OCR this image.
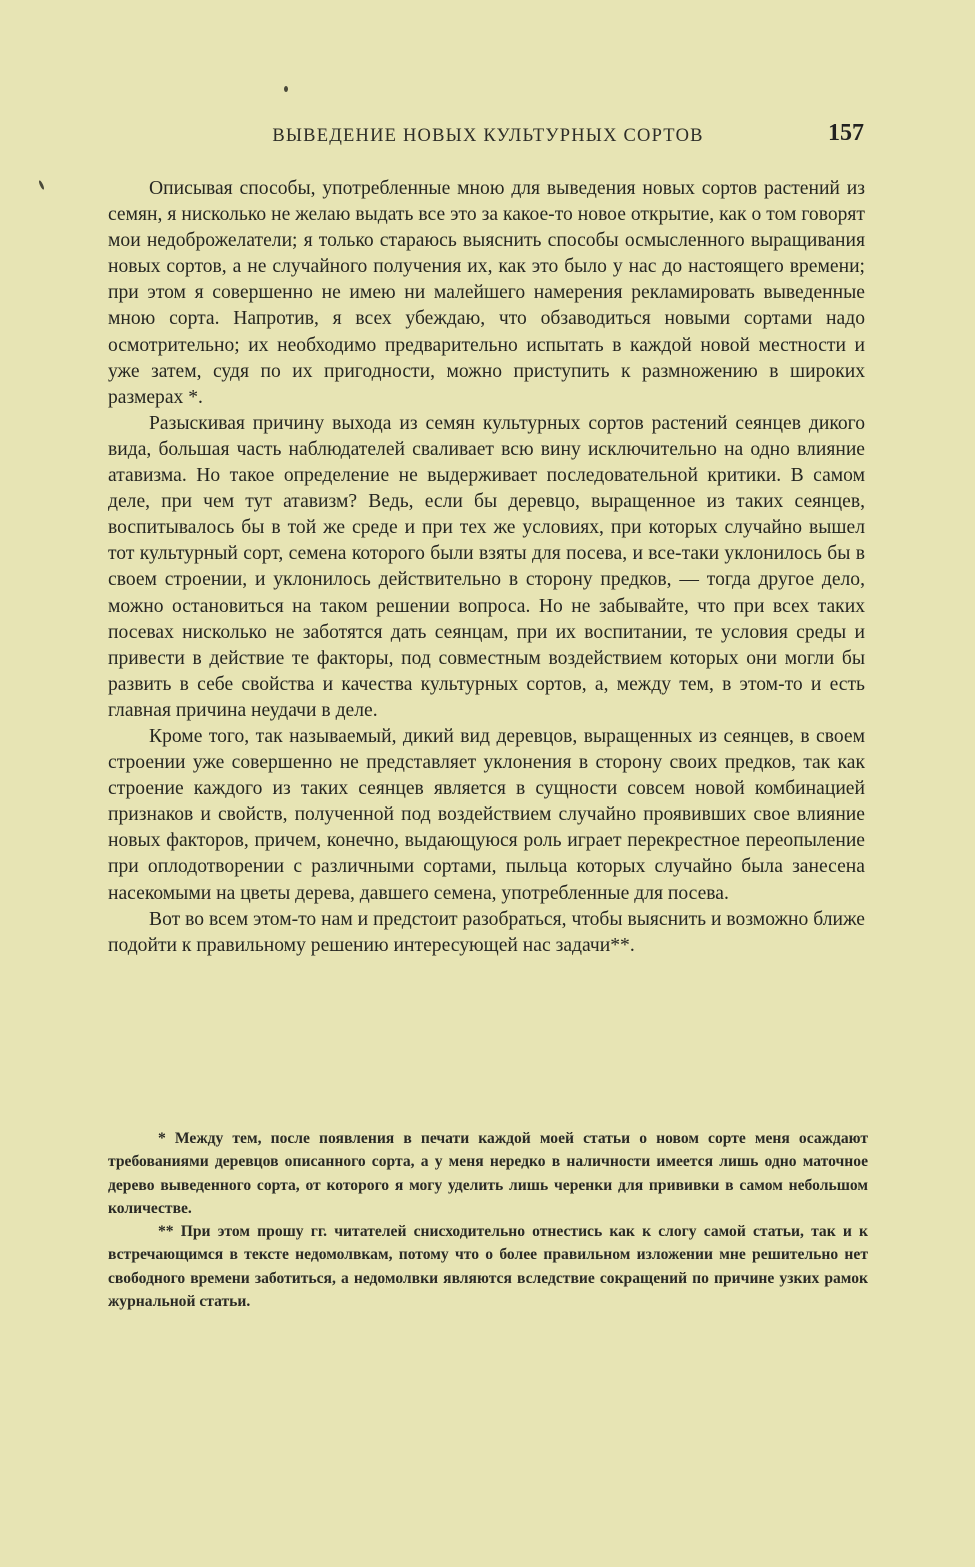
ВЫВЕДЕНИЕ НОВЫХ КУЛЬТУРНЫХ СОРТОВ	157

Описывая способы, употребленные мною для выведения новых сортов растений из семян, я нисколько не желаю выдать все это за какое-то новое открытие, как о том говорят мои недоброжелатели; я только стараюсь выяснить способы осмысленного выращивания новых сортов, а не случайного получения их, как это было у нас до настоящего времени; при этом я совершенно не имею ни малейшего намерения рекламировать выведенные мною сорта. Напротив, я всех убеждаю, что обзаводиться новыми сортами надо осмотрительно; их необходимо предварительно испытать в каждой новой местности и уже затем, судя по их пригодности, можно приступить к размножению в широких размерах *.

Разыскивая причину выхода из семян культурных сортов растений сеянцев дикого вида, большая часть наблюдателей сваливает всю вину исключительно на одно влияние атавизма. Но такое определение не выдерживает последовательной критики. В самом деле, при чем тут атавизм? Ведь, если бы деревцо, выращенное из таких сеянцев, воспитывалось бы в той же среде и при тех же условиях, при которых случайно вышел тот культурный сорт, семена которого были взяты для посева, и все-таки уклонилось бы в своем строении, и уклонилось действительно в сторону предков, — тогда другое дело, можно остановиться на таком решении вопроса. Но не забывайте, что при всех таких посевах нисколько не заботятся дать сеянцам, при их воспитании, те условия среды и привести в действие те факторы, под совместным воздействием которых они могли бы развить в себе свойства и качества культурных сортов, а, между тем, в этом-то и есть главная причина неудачи в деле.

Кроме того, так называемый, дикий вид деревцов, выращенных из сеянцев, в своем строении уже совершенно не представляет уклонения в сторону своих предков, так как строение каждого из таких сеянцев является в сущности совсем новой комбинацией признаков и свойств, полученной под воздействием случайно проявивших свое влияние новых факторов, причем, конечно, выдающуюся роль играет перекрестное переопыление при оплодотворении с различными сортами, пыльца которых случайно была занесена насекомыми на цветы дерева, давшего семена, употребленные для посева.

Вот во всем этом-то нам и предстоит разобраться, чтобы выяснить и возможно ближе подойти к правильному решению интересующей нас задачи**.

* Между тем, после появления в печати каждой моей статьи о новом сорте меня осаждают требованиями деревцов описанного сорта, а у меня нередко в наличности имеется лишь одно маточное дерево выведенного сорта, от которого я могу уделить лишь черенки для прививки в самом небольшом количестве.

** При этом прошу гг. читателей снисходительно отнестись как к слогу самой статьи, так и к встречающимся в тексте недомолвкам, потому что о более правильном изложении мне решительно нет свободного времени заботиться, а недомолвки являются вследствие сокращений по причине узких рамок журнальной статьи.
